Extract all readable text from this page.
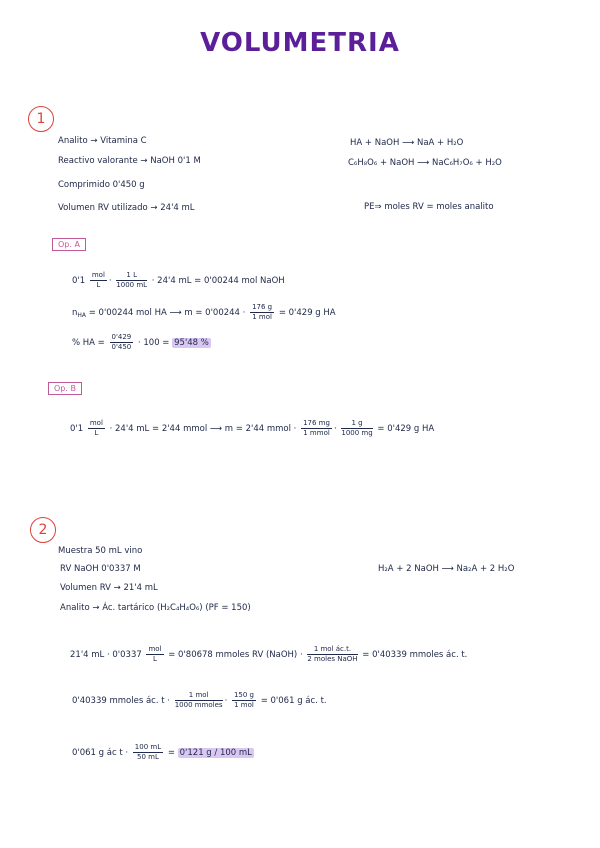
VOLUMETRIA
1
Analito → Vitamina C
Reactivo valorante → NaOH 0'1 M
Comprimido 0'450 g
Volumen RV utilizado → 24'4 mL
HA + NaOH ⟶ NaA + H₂O
C₆H₈O₆ + NaOH ⟶ NaC₆H₇O₆ + H₂O
PE⇒ moles RV = moles analito
Op. A
$0'1 \frac{\text{mol}}{L} \cdot \frac{1 L}{1000 mL} \cdot 24'4$ mL = 0'00244 mol NaOH
$n_{HA} = 0'00244$ mol HA ⟶ $m = 0'00244 \cdot \frac{176 g}{\text{1 mol}} = 0'429$ g HA
% HA = $\frac{0'429}{0'450} \cdot 100 = 95'48$ %
Op. B
$0'1 \frac{\text{mol}}{L} \cdot 24'4$ mL = 2'44 mmol ⟶ m = 2'44 mmol · $\frac{176 mg}{\text{1 mmol}} \cdot \frac{1 g}{1000 mg} = 0'429$ g HA
2
Muestra 50 mL vino
RV NaOH 0'0337 M
Volumen RV → 21'4 mL
Analito → Ác. tartárico (H₂C₄H₄O₆) (PF = 150)
H₂A + 2 NaOH ⟶ Na₂A + 2 H₂O
21'4 mL · $0'0337 \frac{\text{mol}}{L} = 0'80678$ mmoles RV (NaOH) · $\frac{\text{1 mol ác.t.}}{\text{2 moles NaOH}} = 0'40339$ mmoles ác. t.
0'40339 mmoles ác. $t \cdot \frac{\text{1 mol}}{\text{1000 mmoles}} \cdot \frac{150 g}{\text{1 mol}} = 0'061$ g ác. t.
0'061 g ác $t \cdot \frac{100 mL}{50 mL} = 0'121$ g / 100 mL
